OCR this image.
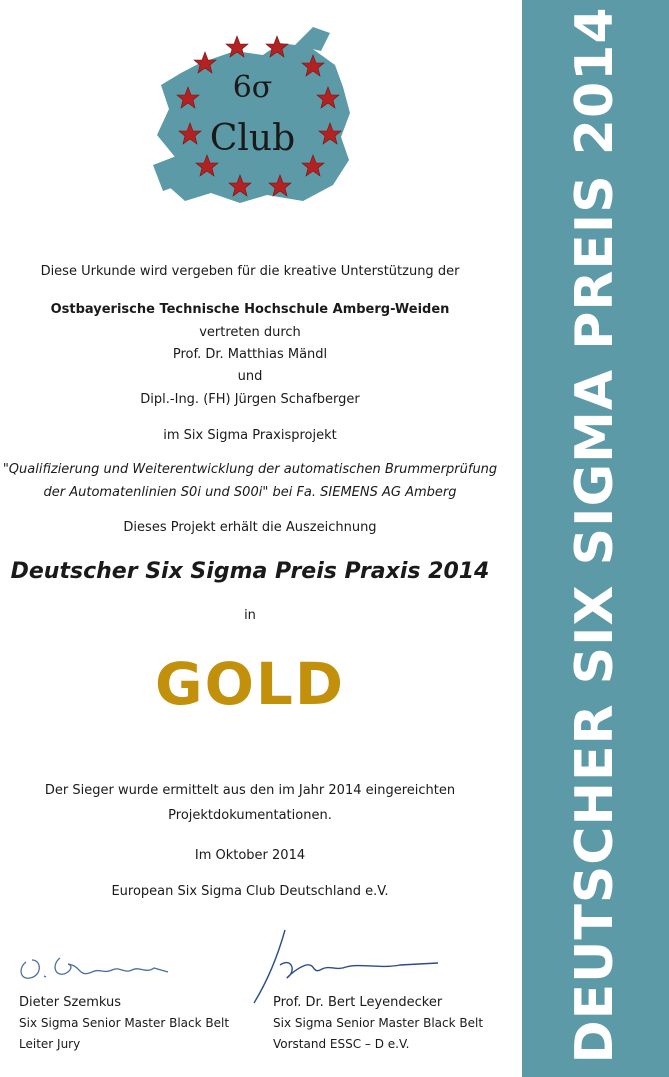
DEUTSCHER SIX SIGMA PREIS 2014
6σ
Club
Diese Urkunde wird vergeben für die kreative Unterstützung der
Ostbayerische Technische Hochschule Amberg-Weiden
vertreten durch
Prof. Dr. Matthias Mändl
und
Dipl.-Ing. (FH) Jürgen Schafberger
im Six Sigma Praxisprojekt
"Qualifizierung und Weiterentwicklung der automatischen Brummerprüfung
der Automatenlinien S0i und S00i" bei Fa. SIEMENS AG Amberg
Dieses Projekt erhält die Auszeichnung
Deutscher Six Sigma Preis Praxis 2014
in
GOLD
Der Sieger wurde ermittelt aus den im Jahr 2014 eingereichten
Projektdokumentationen.
Im Oktober 2014
European Six Sigma Club Deutschland e.V.
Dieter Szemkus
Six Sigma Senior Master Black Belt
Leiter Jury
Prof. Dr. Bert Leyendecker
Six Sigma Senior Master Black Belt
Vorstand ESSC – D e.V.
